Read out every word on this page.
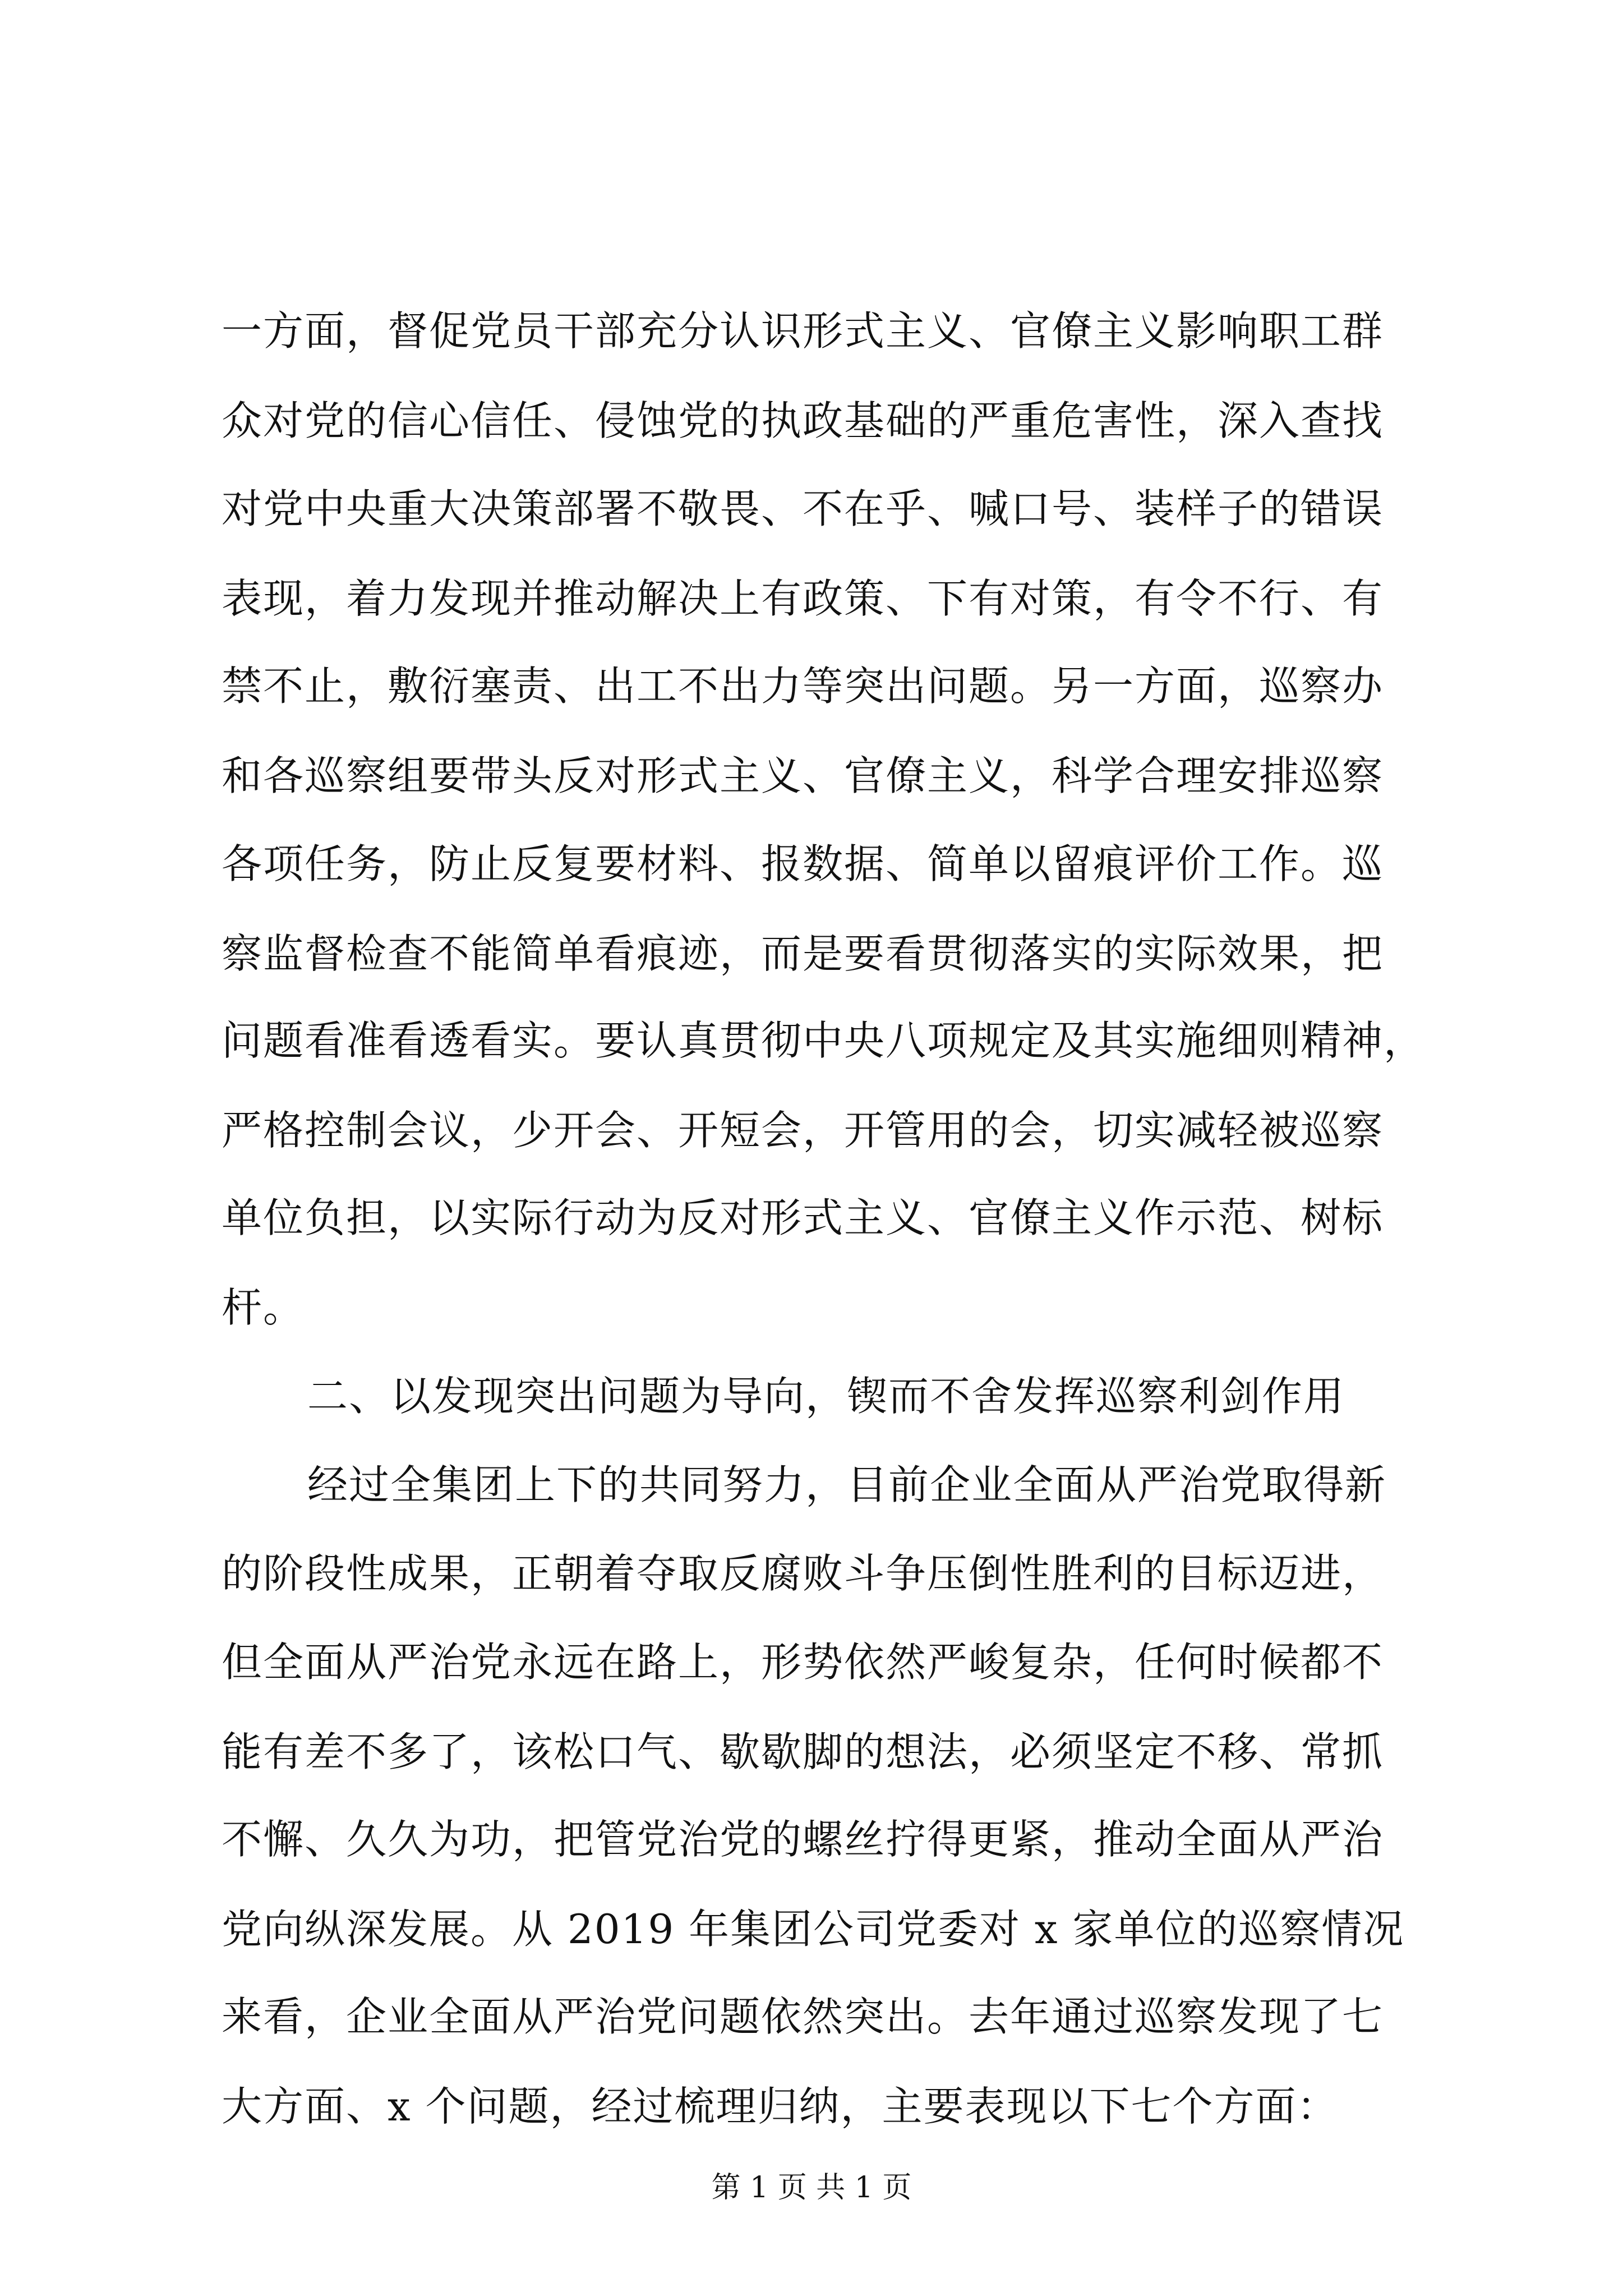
一方面，督促党员干部充分认识形式主义、官僚主义影响职工群
众对党的信心信任、侵蚀党的执政基础的严重危害性，深入查找
对党中央重大决策部署不敬畏、不在乎、喊口号、装样子的错误
表现，着力发现并推动解决上有政策、下有对策，有令不行、有
禁不止，敷衍塞责、出工不出力等突出问题。另一方面，巡察办
和各巡察组要带头反对形式主义、官僚主义，科学合理安排巡察
各项任务，防止反复要材料、报数据、简单以留痕评价工作。巡
察监督检查不能简单看痕迹，而是要看贯彻落实的实际效果，把
问题看准看透看实。要认真贯彻中央八项规定及其实施细则精神，
严格控制会议，少开会、开短会，开管用的会，切实减轻被巡察
单位负担，以实际行动为反对形式主义、官僚主义作示范、树标
杆。
二、以发现突出问题为导向，锲而不舍发挥巡察利剑作用
经过全集团上下的共同努力，目前企业全面从严治党取得新
的阶段性成果，正朝着夺取反腐败斗争压倒性胜利的目标迈进，
但全面从严治党永远在路上，形势依然严峻复杂，任何时候都不
能有差不多了，该松口气、歇歇脚的想法，必须坚定不移、常抓
不懈、久久为功，把管党治党的螺丝拧得更紧，推动全面从严治
党向纵深发展。从 2019 年集团公司党委对 x 家单位的巡察情况
来看，企业全面从严治党问题依然突出。去年通过巡察发现了七
大方面、x 个问题，经过梳理归纳，主要表现以下七个方面：
第 1 页 共 1 页
